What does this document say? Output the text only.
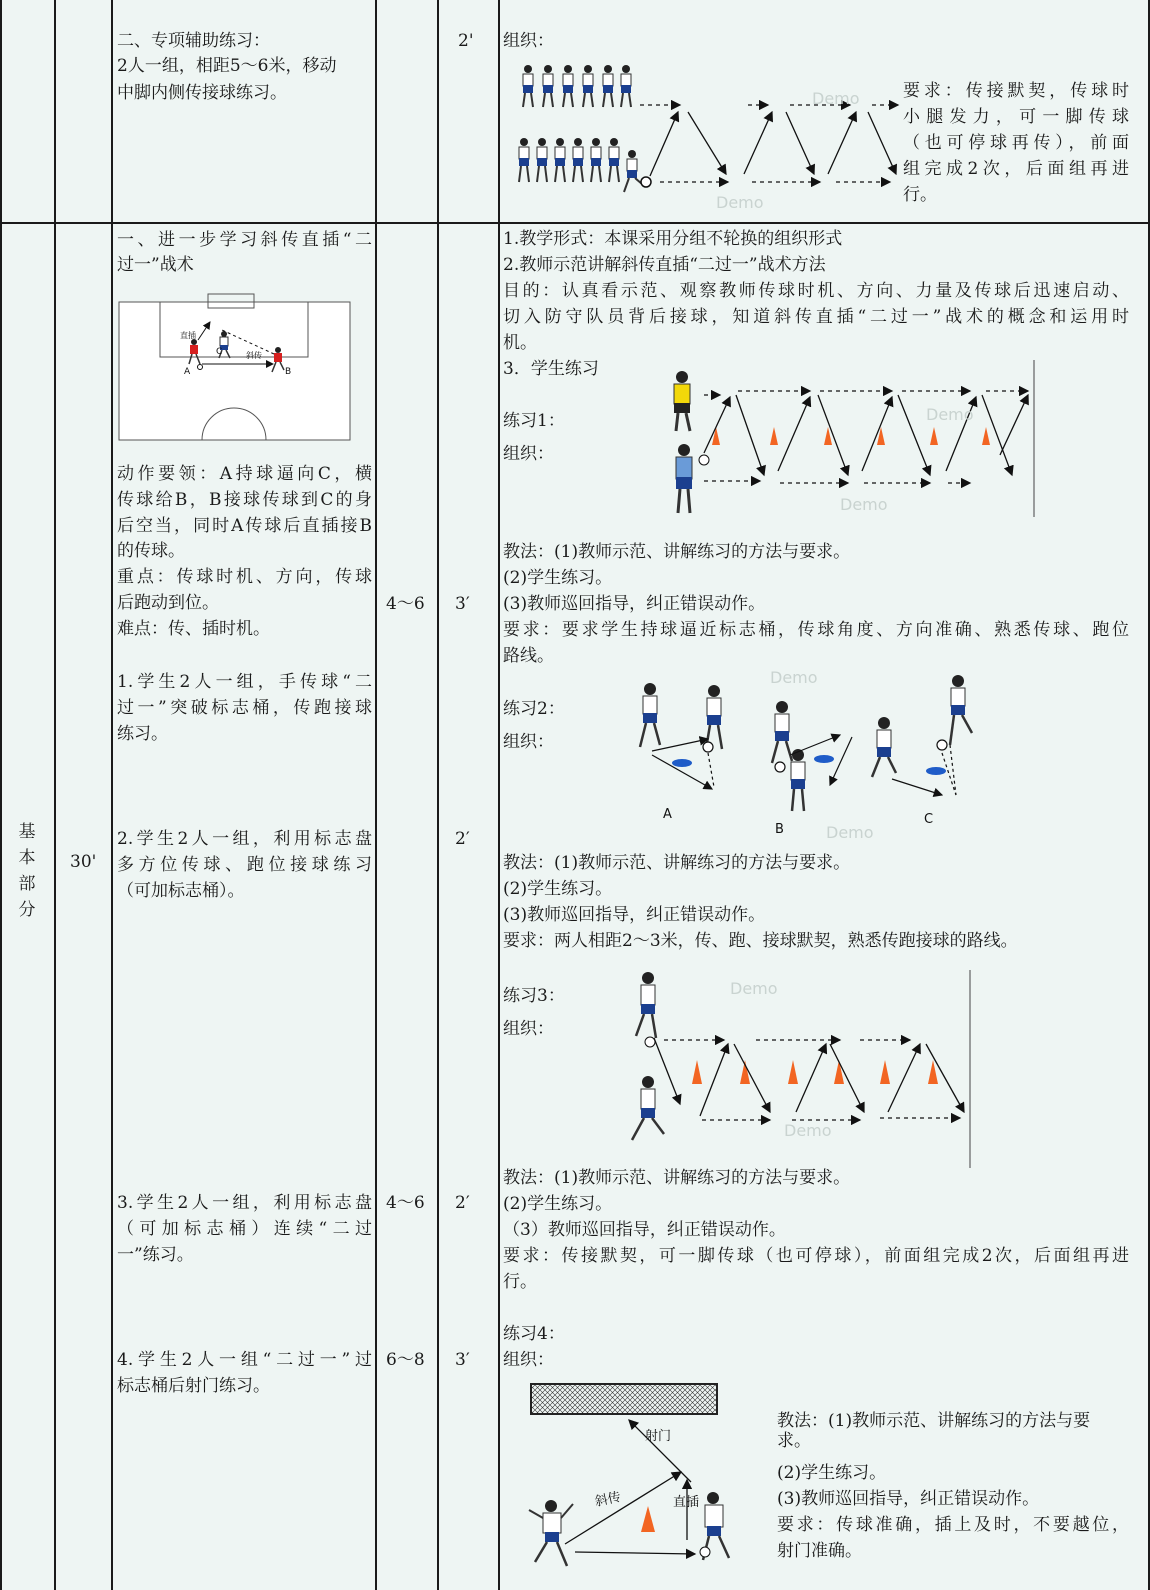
二、专项辅助练习：
2人一组，相距5～6米，移动
中脚内侧传接球练习。
2' 组织：
Demo
Demo
要求：传接默契，传球时
小腿发力，可一脚传球
（也可停球再传），前面
组完成2次，后面组再进
行。
基
本
部
分
30'
一、进一步学习斜传直插“二
过一”战术
A	B
C
直插
斜传
动作要领：A持球逼向C，横
传球给B，B接球传球到C的身
后空当，同时A传球后直插接B
的传球。
重点：传球时机、方向，传球
后跑动到位。
难点：传、插时机。
1.学生2人一组，手传球“二
过一”突破标志桶，传跑接球
练习。
2.学生2人一组，利用标志盘
多方位传球、跑位接球练习
（可加标志桶）。
3.学生2人一组，利用标志盘
（可加标志桶）连续“二过
一”练习。
4.学生2人一组“二过一”过
标志桶后射门练习。
4～6
4～6
6～8
3′
2′
2′
3′
1.教学形式：本课采用分组不轮换的组织形式
2.教师示范讲解斜传直插“二过一”战术方法
目的：认真看示范、观察教师传球时机、方向、力量及传球后迅速启动、
切入防守队员背后接球，知道斜传直插“二过一”战术的概念和运用时
机。
3．学生练习
练习1：
组织：
Demo
Demo
教法：(1)教师示范、讲解练习的方法与要求。
(2)学生练习。
(3)教师巡回指导，纠正错误动作。
要求：要求学生持球逼近标志桶，传球角度、方向准确、熟悉传球、跑位
路线。
练习2：
组织：
A
B
C
Demo
Demo
教法：(1)教师示范、讲解练习的方法与要求。
(2)学生练习。
(3)教师巡回指导，纠正错误动作。
要求：两人相距2～3米，传、跑、接球默契，熟悉传跑接球的路线。
练习3：
组织：
Demo
Demo
教法：(1)教师示范、讲解练习的方法与要求。
(2)学生练习。
（3）教师巡回指导，纠正错误动作。
要求：传接默契，可一脚传球（也可停球），前面组完成2次，后面组再进
行。
练习4：
组织：
射门
斜传	直插
教法：(1)教师示范、讲解练习的方法与要
求。
(2)学生练习。
(3)教师巡回指导，纠正错误动作。
要求：传球准确，插上及时，不要越位，
射门准确。
